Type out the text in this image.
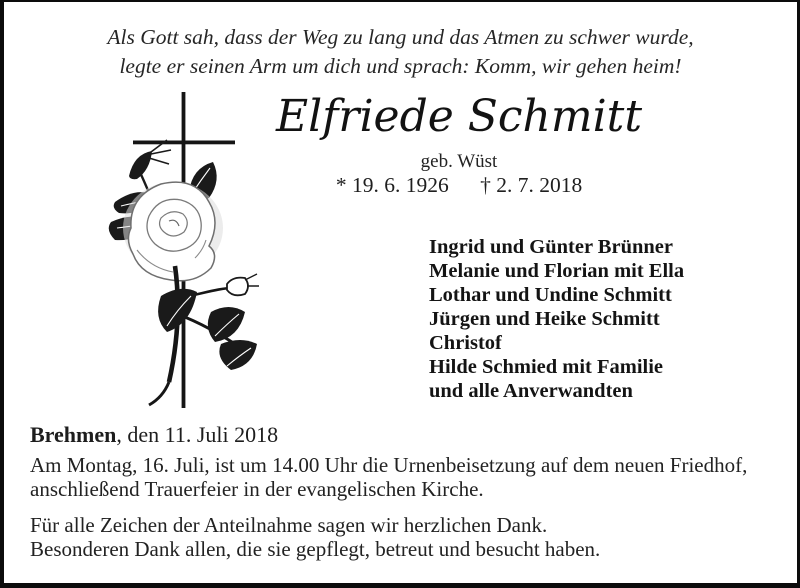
Als Gott sah, dass der Weg zu lang und das Atmen zu schwer wurde,
legte er seinen Arm um dich und sprach: Komm, wir gehen heim!
Elfriede Schmitt
geb. Wüst
* 19. 6. 1926 † 2. 7. 2018
Ingrid und Günter Brünner
Melanie und Florian mit Ella
Lothar und Undine Schmitt
Jürgen und Heike Schmitt
Christof
Hilde Schmied mit Familie
und alle Anverwandten
Brehmen, den 11. Juli 2018
Am Montag, 16. Juli, ist um 14.00 Uhr die Urnenbeisetzung auf dem neuen Friedhof,
anschließend Trauerfeier in der evangelischen Kirche.
Für alle Zeichen der Anteilnahme sagen wir herzlichen Dank.
Besonderen Dank allen, die sie gepflegt, betreut und besucht haben.
